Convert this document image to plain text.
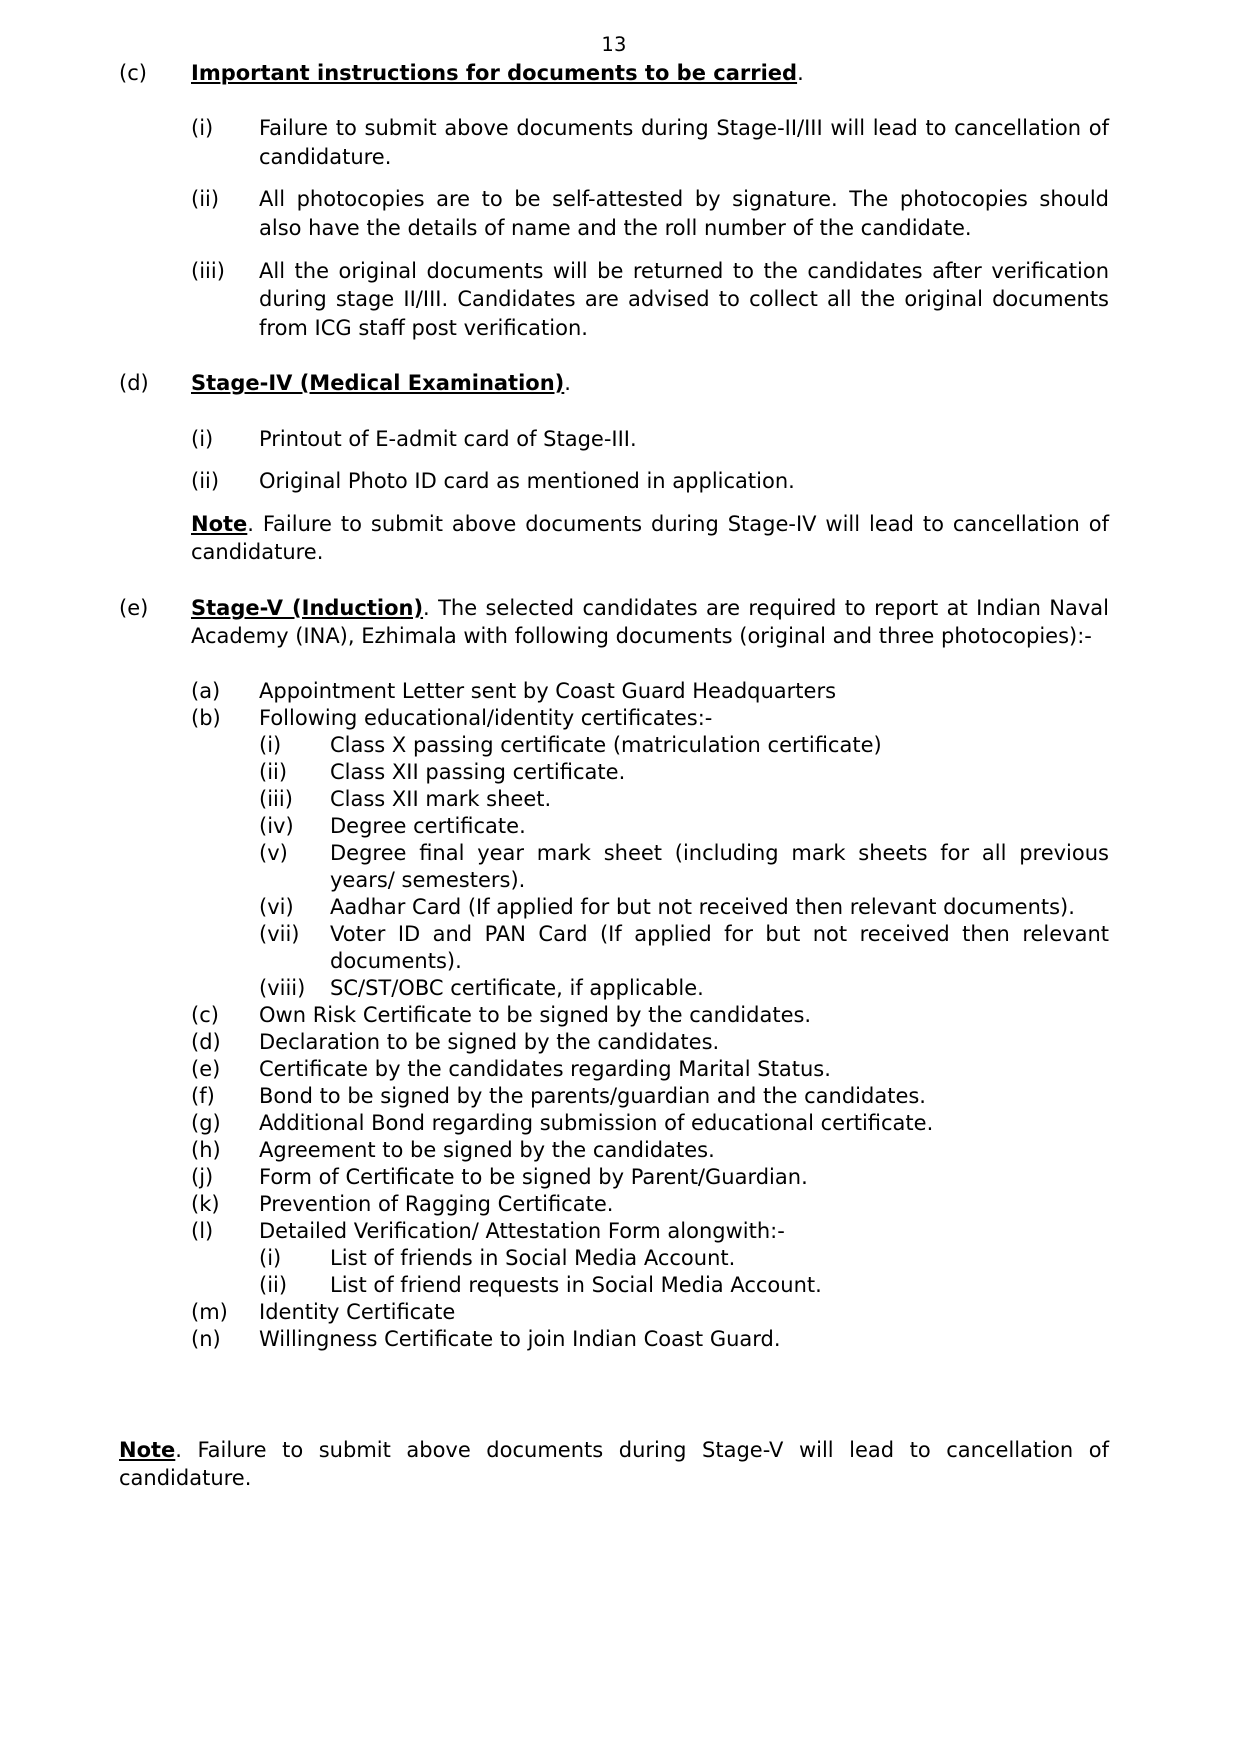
13
(c)	Important instructions for documents to be carried.
(i)	Failure to submit above documents during Stage-II/III will lead to cancellation of candidature.
(ii)	All photocopies are to be self-attested by signature. The photocopies should also have the details of name and the roll number of the candidate.
(iii)	All the original documents will be returned to the candidates after verification during stage II/III. Candidates are advised to collect all the original documents from ICG staff post verification.
(d)	Stage-IV (Medical Examination).
(i)	Printout of E-admit card of Stage-III.
(ii)	Original Photo ID card as mentioned in application.
Note. Failure to submit above documents during Stage-IV will lead to cancellation of candidature.
(e)	Stage-V (Induction). The selected candidates are required to report at Indian Naval Academy (INA), Ezhimala with following documents (original and three photocopies):-
(a)	Appointment Letter sent by Coast Guard Headquarters
(b)	Following educational/identity certificates:-
(i)	Class X passing certificate (matriculation certificate)
(ii)	Class XII passing certificate.
(iii)	Class XII mark sheet.
(iv)	Degree certificate.
(v)	Degree final year mark sheet (including mark sheets for all previous years/ semesters).
(vi)	Aadhar Card (If applied for but not received then relevant documents).
(vii)	Voter ID and PAN Card (If applied for but not received then relevant documents).
(viii)	SC/ST/OBC certificate, if applicable.
(c)	Own Risk Certificate to be signed by the candidates.
(d)	Declaration to be signed by the candidates.
(e)	Certificate by the candidates regarding Marital Status.
(f)	Bond to be signed by the parents/guardian and the candidates.
(g)	Additional Bond regarding submission of educational certificate.
(h)	Agreement to be signed by the candidates.
(j)	Form of Certificate to be signed by Parent/Guardian.
(k)	Prevention of Ragging Certificate.
(l)	Detailed Verification/ Attestation Form alongwith:-
(i)	List of friends in Social Media Account.
(ii)	List of friend requests in Social Media Account.
(m)	Identity Certificate
(n)	Willingness Certificate to join Indian Coast Guard.
Note. Failure to submit above documents during Stage-V will lead to cancellation of candidature.
